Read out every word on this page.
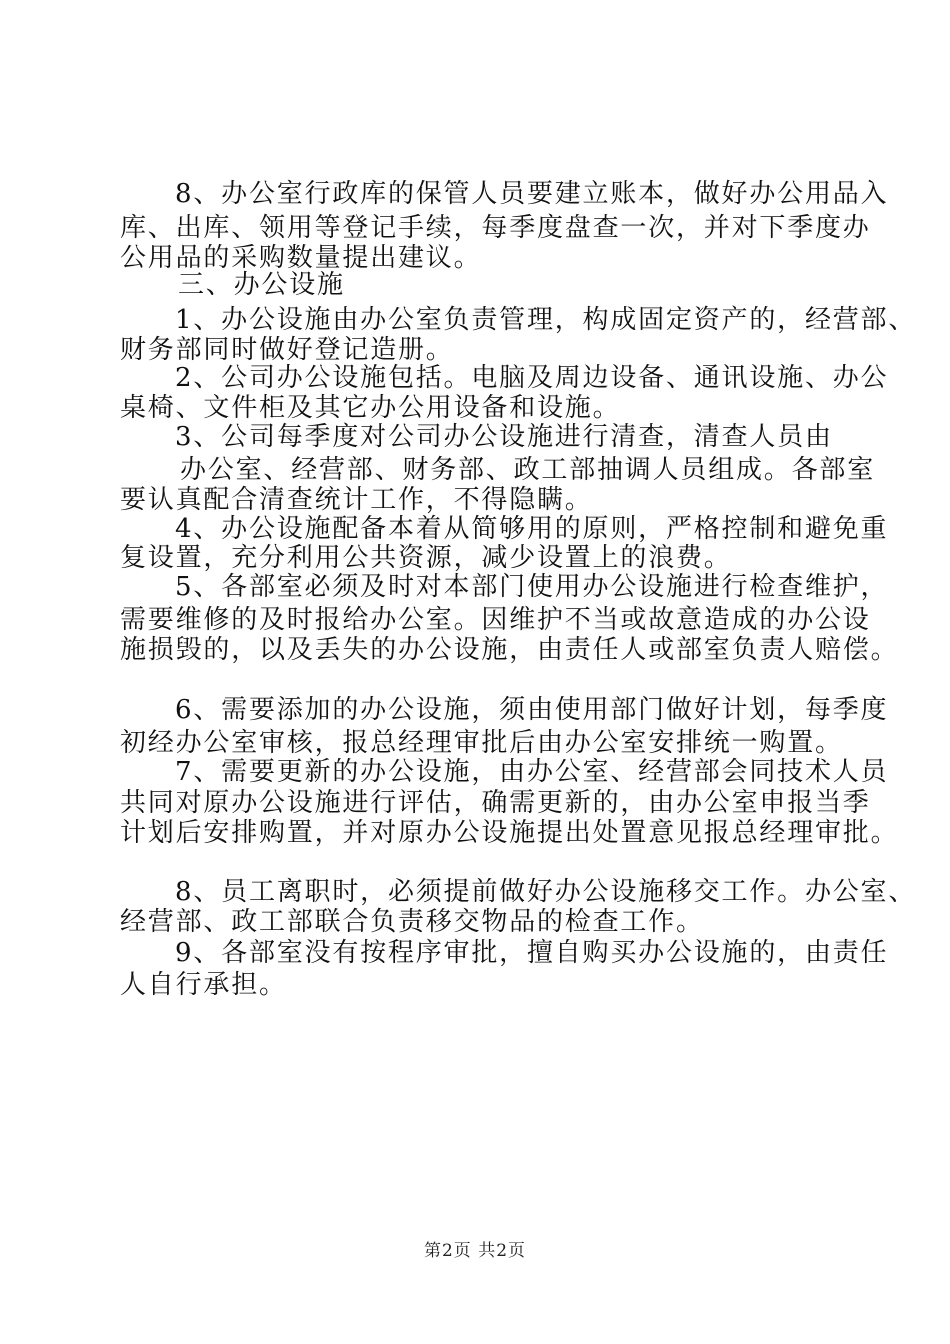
8、办公室行政库的保管人员要建立账本，做好办公用品入
库、出库、领用等登记手续，每季度盘查一次，并对下季度办
公用品的采购数量提出建议。
三、办公设施
1、办公设施由办公室负责管理，构成固定资产的，经营部、
财务部同时做好登记造册。
2、公司办公设施包括。电脑及周边设备、通讯设施、办公
桌椅、文件柜及其它办公用设备和设施。
3、公司每季度对公司办公设施进行清查，清查人员由
办公室、经营部、财务部、政工部抽调人员组成。各部室
要认真配合清查统计工作，不得隐瞒。
4、办公设施配备本着从简够用的原则，严格控制和避免重
复设置，充分利用公共资源，减少设置上的浪费。
5、各部室必须及时对本部门使用办公设施进行检查维护，
需要维修的及时报给办公室。因维护不当或故意造成的办公设
施损毁的，以及丢失的办公设施，由责任人或部室负责人赔偿。
6、需要添加的办公设施，须由使用部门做好计划，每季度
初经办公室审核，报总经理审批后由办公室安排统一购置。
7、需要更新的办公设施，由办公室、经营部会同技术人员
共同对原办公设施进行评估，确需更新的，由办公室申报当季
计划后安排购置，并对原办公设施提出处置意见报总经理审批。
8、员工离职时，必须提前做好办公设施移交工作。办公室、
经营部、政工部联合负责移交物品的检查工作。
9、各部室没有按程序审批，擅自购买办公设施的，由责任
人自行承担。
第2页 共2页
